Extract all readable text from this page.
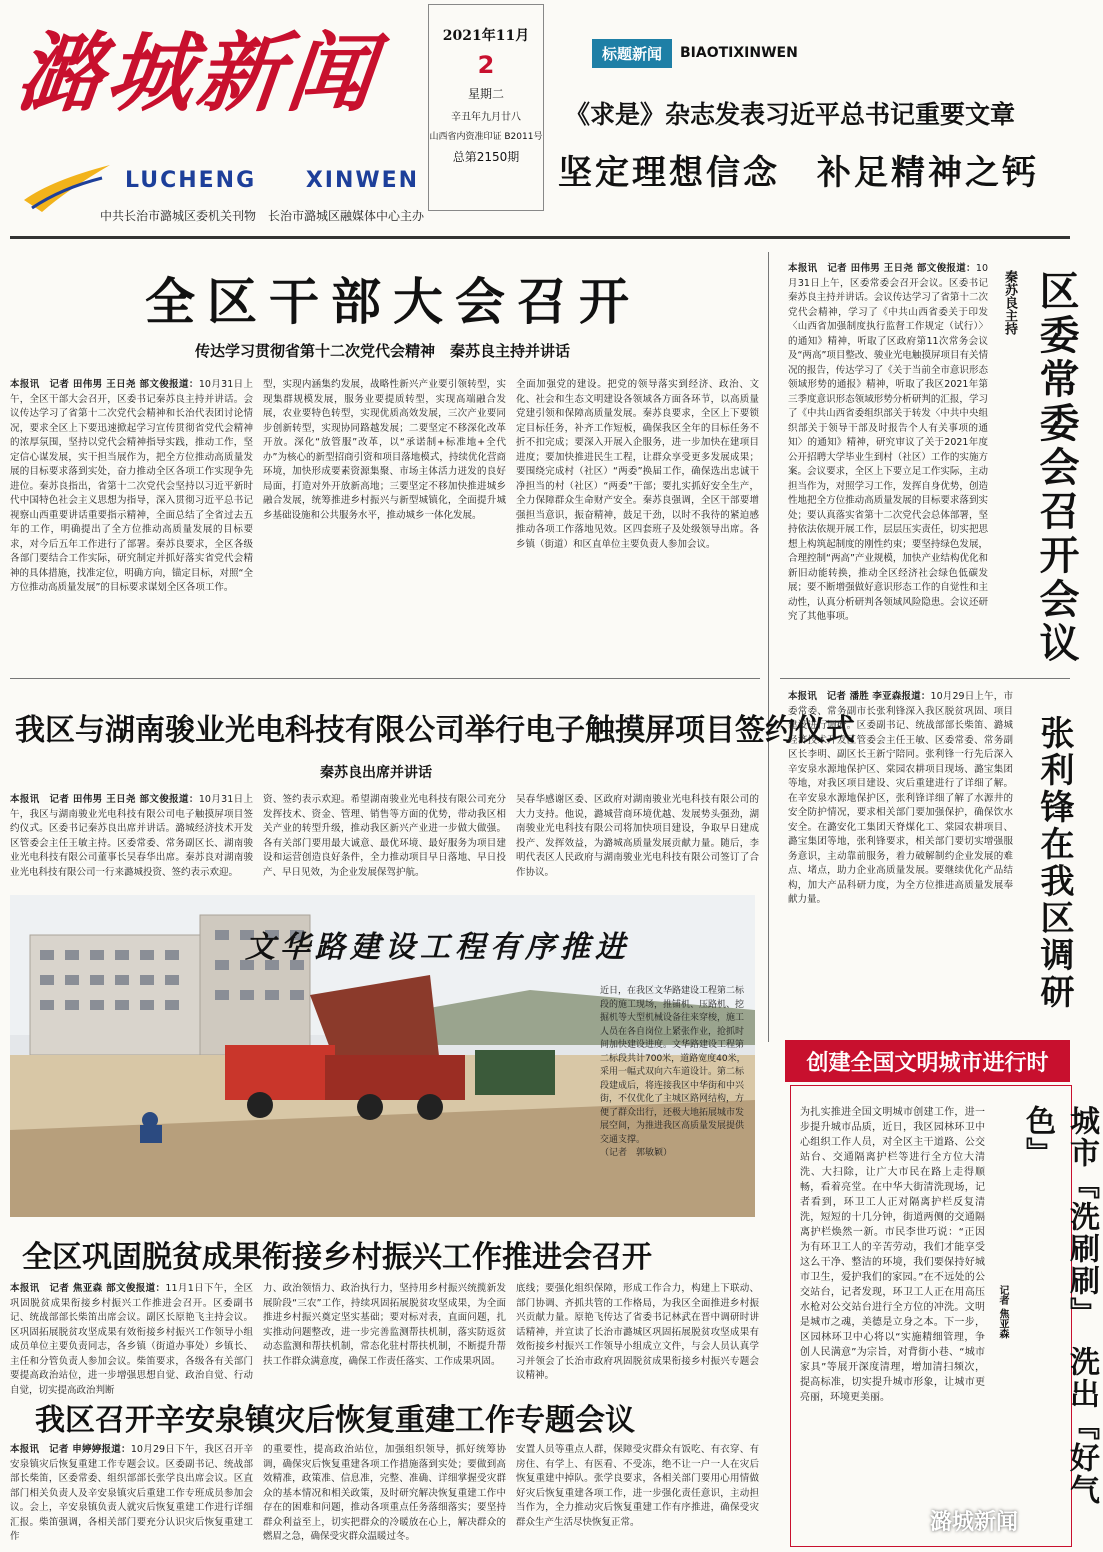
潞城新闻
LUCHENG XINWEN
中共长治市潞城区委机关刊物　长治市潞城区融媒体中心主办
2021年11月
2
星期二
辛丑年九月廿八
山西省内资准印证 B2011号
总第2150期
标题新闻	BIAOTIXINWEN
《求是》杂志发表习近平总书记重要文章
坚定理想信念　补足精神之钙
全区干部大会召开
传达学习贯彻省第十二次党代会精神　秦苏良主持并讲话
本报讯　记者 田伟男 王日尧 部文俊报道：10月31日上午，全区干部大会召开，区委书记秦苏良主持并讲话。会议传达学习了省第十二次党代会精神和长治代表团讨论情况，要求全区上下要迅速掀起学习宣传贯彻省党代会精神的浓厚氛围，坚持以党代会精神指导实践，推动工作，坚定信心谋发展，实干担当展作为，把全方位推动高质量发展的目标要求落到实处，奋力推动全区各项工作实现争先进位。秦苏良指出，省第十二次党代会坚持以习近平新时代中国特色社会主义思想为指导，深入贯彻习近平总书记视察山西重要讲话重要指示精神，全面总结了全省过去五年的工作，明确提出了全方位推动高质量发展的目标要求，对今后五年工作进行了部署。秦苏良要求，全区各级各部门要结合工作实际，研究制定并抓好落实省党代会精神的具体措施，找准定位，明确方向，锚定目标，对照“全方位推动高质量发展”的目标要求谋划全区各项工作。
型，实现内涵集约发展，战略性新兴产业要引领转型，实现集群规模发展，服务业要提质转型，实现高端融合发展，农业要特色转型，实现优质高效发展，三次产业要同步创新转型，实现协同路越发展；二要坚定不移深化改革开放。深化“放管服”改革，以“承诺制+标准地+全代办”为核心的新型招商引资和项目落地模式，持续优化营商环境，加快形成要素资源集聚、市场主体活力迸发的良好局面，打造对外开放新高地；三要坚定不移加快推进城乡融合发展，统筹推进乡村振兴与新型城镇化，全面提升城乡基础设施和公共服务水平，推动城乡一体化发展。
全面加强党的建设。把党的领导落实到经济、政治、文化、社会和生态文明建设各领域各方面各环节，以高质量党建引领和保障高质量发展。秦苏良要求，全区上下要锁定目标任务，补齐工作短板，确保我区全年的目标任务不折不扣完成；要深入开展入企服务，进一步加快在建项目进度；要加快推进民生工程，让群众享受更多发展成果；要围绕完成村（社区）“两委”换届工作，确保选出忠诚干净担当的村（社区）“两委”干部；要扎实抓好安全生产，全力保障群众生命财产安全。秦苏良强调，全区干部要增强担当意识，振奋精神，鼓足干劲，以时不我待的紧迫感推动各项工作落地见效。区四套班子及处级领导出席。各乡镇（街道）和区直单位主要负责人参加会议。
本报讯　记者 田伟男 王日尧 部文俊报道：10月31日上午，区委常委会召开会议。区委书记秦苏良主持并讲话。会议传达学习了省第十二次党代会精神，学习了《中共山西省委关于印发〈山西省加强制度执行监督工作规定（试行）〉的通知》精神，听取了区政府第11次常务会议及“两高”项目整改、骏业光电触摸屏项目有关情况的报告，传达学习了《关于当前全市意识形态领域形势的通报》精神，听取了我区2021年第三季度意识形态领域形势分析研判的汇报，学习了《中共山西省委组织部关于转发〈中共中央组织部关于领导干部及时报告个人有关事项的通知〉的通知》精神，研究审议了关于2021年度公开招聘大学毕业生到村（社区）工作的实施方案。会议要求，全区上下要立足工作实际，主动担当作为，对照学习工作，发挥自身优势，创造性地把全方位推动高质量发展的目标要求落到实处；要认真落实省第十二次党代会总体部署，坚持依法依规开展工作，层层压实责任，切实把思想上构筑起制度的刚性约束；要坚持绿色发展，合理控制“两高”产业规模，加快产业结构优化和新旧动能转换，推动全区经济社会绿色低碳发展；要不断增强做好意识形态工作的自觉性和主动性，认真分析研判各领域风险隐患。会议还研究了其他事项。
秦苏良主持 区委常委会召开会议
我区与湖南骏业光电科技有限公司举行电子触摸屏项目签约仪式
秦苏良出席并讲话
本报讯　记者 田伟男 王日尧 部文俊报道：10月31日上午，我区与湖南骏业光电科技有限公司电子触摸屏项目签约仪式。区委书记秦苏良出席并讲话。潞城经济技术开发区管委会主任王敏主持。区委常委、常务副区长、湖南骏业光电科技有限公司董事长吴春华出席。秦苏良对湖南骏业光电科技有限公司一行来潞城投资、签约表示欢迎。
资、签约表示欢迎。希望湖南骏业光电科技有限公司充分发挥技术、资金、管理、销售等方面的优势，带动我区相关产业的转型升级，推动我区新兴产业进一步做大做强。各有关部门要用最大诚意、最优环境、最好服务为项目建设和运营创造良好条件，全力推动项目早日落地、早日投产、早日见效，为企业发展保驾护航。
吴春华感谢区委、区政府对湖南骏业光电科技有限公司的大力支持。他说，潞城营商环境优越、发展势头强劲，湖南骏业光电科技有限公司将加快项目建设，争取早日建成投产、发挥效益，为潞城高质量发展贡献力量。随后，李明代表区人民政府与湖南骏业光电科技有限公司签订了合作协议。
本报讯　记者 潘胜 李亚森报道：10月29日上午，市委常委、常务副市长张利锋深入我区脱贫巩固、项目建设进行调研。区委副书记、统战部部长柴笛、潞城经济技术开发区管委会主任王敏、区委常委、常务副区长李明、副区长王新宁陪同。张利锋一行先后深入辛安泉水源地保护区、棠园农耕项目现场、潞宝集团等地，对我区项目建设、灾后重建进行了详细了解。在辛安泉水源地保护区，张利锋详细了解了水源井的安全防护情况，要求相关部门要加强保护，确保饮水安全。在潞安化工集团天脊煤化工、棠园农耕项目、潞宝集团等地，张利锋要求，相关部门要切实增强服务意识，主动靠前服务，着力破解制约企业发展的难点、堵点，助力企业高质量发展。要继续优化产品结构，加大产品科研力度，为全方位推进高质量发展奉献力量。	张利锋在我区调研
文华路建设工程有序推进
近日，在我区文华路建设工程第二标段的施工现场，推铺机、压路机、挖掘机等大型机械设备往来穿梭，施工人员在各自岗位上紧张作业，抢抓时间加快建设进度。文华路建设工程第二标段共计700米，道路宽度40米，采用一幅式双向六车道设计。第二标段建成后，将连接我区中华街和中兴街，不仅优化了主城区路网结构，方便了群众出行，还极大地拓展城市发展空间，为推进我区高质量发展提供交通支撑。
（记者　郭敏颖）
全区巩固脱贫成果衔接乡村振兴工作推进会召开
本报讯　记者 焦亚森 部文俊报道：11月1日下午，全区巩固脱贫成果衔接乡村振兴工作推进会召开。区委副书记、统战部部长柴笛出席会议。副区长原艳飞主持会议。区巩固拓展脱贫攻坚成果有效衔接乡村振兴工作领导小组成员单位主要负责同志，各乡镇（街道办事处）乡镇长、主任和分管负责人参加会议。柴笛要求，各级各有关部门要提高政治站位，进一步增强思想自觉、政治自觉、行动自觉，切实提高政治判断
力、政治领悟力、政治执行力，坚持用乡村振兴统揽新发展阶段“三农”工作，持续巩固拓展脱贫攻坚成果，为全面推进乡村振兴奠定坚实基础；要对标对表，直面问题，扎实推动问题整改，进一步完善监测帮扶机制，落实防返贫动态监测和帮扶机制，常态化驻村帮扶机制，不断提升帮扶工作群众满意度，确保工作责任落实、工作成果巩固。
底线；要强化组织保障，形成工作合力，构建上下联动、部门协调、齐抓共管的工作格局，为我区全面推进乡村振兴贡献力量。原艳飞传达了省委书记林武在晋中调研时讲话精神，并宣读了长治市潞城区巩固拓展脱贫攻坚成果有效衔接乡村振兴工作领导小组成立文件，与会人员认真学习并领会了长治市政府巩固脱贫成果衔接乡村振兴专题会议精神。
我区召开辛安泉镇灾后恢复重建工作专题会议
本报讯　记者 申婷婷报道：10月29日下午，我区召开辛安泉镇灾后恢复重建工作专题会议。区委副书记、统战部部长柴笛，区委常委、组织部部长张学良出席会议。区直部门相关负责人及辛安泉镇灾后重建工作专班成员参加会议。会上，辛安泉镇负责人就灾后恢复重建工作进行详细汇报。柴笛强调，各相关部门要充分认识灾后恢复重建工作
的重要性，提高政治站位，加强组织领导，抓好统筹协调，确保灾后恢复重建各项工作措施落到实处；要做到高效精准，政策准、信息准，完整、准确、详细掌握受灾群众的基本情况和相关政策，及时研究解决恢复重建工作中存在的困难和问题，推动各项重点任务落细落实；要坚持群众利益至上，切实把群众的冷暖放在心上，解决群众的燃眉之急，确保受灾群众温暖过冬。
安置人员等重点人群，保障受灾群众有饭吃、有衣穿、有房住、有学上、有医看、不受冻，绝不让一户一人在灾后恢复重建中掉队。张学良要求，各相关部门要用心用情做好灾后恢复重建各项工作，进一步强化责任意识，主动担当作为，全力推动灾后恢复重建工作有序推进，确保受灾群众生产生活尽快恢复正常。
创建全国文明城市进行时
为扎实推进全国文明城市创建工作，进一步提升城市品质，近日，我区园林环卫中心组织工作人员，对全区主干道路、公交站台、交通隔离护栏等进行全方位大清洗、大扫除，让广大市民在路上走得顺畅，看着亮堂。在中华大街清洗现场，记者看到，环卫工人正对隔离护栏反复清洗，短短的十几分钟，街道两侧的交通隔离护栏焕然一新。市民李世巧说：“正因为有环卫工人的辛苦劳动，我们才能享受这么干净、整洁的环境，我们要保持好城市卫生，爱护我们的家园。”在不远处的公交站台，记者发现，环卫工人正在用高压水枪对公交站台进行全方位的冲洗。文明是城市之魂，美德是立身之本。下一步，区园林环卫中心将以“实施精细管理，争创人民满意”为宗旨，对背街小巷、“城市家具”等展开深度清理，增加清扫频次，提高标准，切实提升城市形象，让城市更亮丽，环境更美丽。
记者 焦亚森	城市『洗刷刷』　洗出『好气色』
潞城新闻
